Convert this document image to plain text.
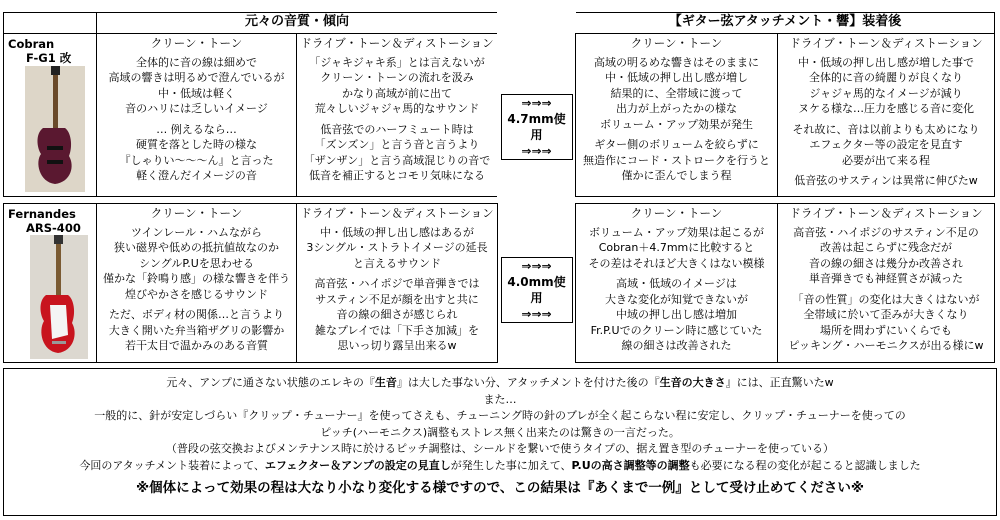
元々の音質・傾向	【ギター弦アタッチメント・響】装着後
Cobran
F-G1 改
クリーン・トーン
全体的に音の線は細めで
高域の響きは明るめで澄んでいるが
中・低域は軽く
音のハリには乏しいイメージ
… 例えるなら…
硬質を落とした時の様な
『しゃりい～～～ん』と言った
軽く澄んだイメージの音
ドライブ・トーン＆ディストーション
「ジャキジャキ系」とは言えないが
クリーン・トーンの流れを汲み
かなり高域が前に出て
荒々しいジャジャ馬的なサウンド
低音弦でのハーフミュート時は
「ズンズン」と言う音と言うより
「ザンザン」と言う高域混じりの音で
低音を補正するとコモリ気味になる
⇒⇒⇒
4.7mm使用
⇒⇒⇒
クリーン・トーン
高域の明るめな響きはそのままに
中・低域の押し出し感が増し
結果的に、全帯域に渡って
出力が上がったかの様な
ボリューム・アップ効果が発生
ギター側のボリュームを絞らずに
無造作にコード・ストロークを行うと
僅かに歪んでしまう程
ドライブ・トーン＆ディストーション
中・低域の押し出し感が増した事で
全体的に音の綺麗りが良くなり
ジャジャ馬的なイメージが減り
ヌケる様な…圧力を感じる音に変化
それ故に、音は以前よりも太めになり
エフェクター等の設定を見直す
必要が出て来る程
低音弦のサスティンは異常に伸びたw
Fernandes
ARS-400
クリーン・トーン
ツインレール・ハムながら
狭い磁界や低めの抵抗値故なのか
シングルP.Uを思わせる
僅かな「鈴鳴り感」の様な響きを伴う
煌びやかさを感じるサウンド
ただ、ボディ材の関係…と言うより
大きく開いた弁当箱ザグリの影響か
若干太目で温かみのある音質
ドライブ・トーン＆ディストーション
中・低域の押し出し感はあるが
3シングル・ストラトイメージの延長
と言えるサウンド
高音弦・ハイポジで単音弾きでは
サスティン不足が顔を出すと共に
音の線の細さが感じられ
雑なプレイでは「下手さ加減」を
思いっ切り露呈出来るw
⇒⇒⇒
4.0mm使用
⇒⇒⇒
クリーン・トーン
ボリューム・アップ効果は起こるが
Cobran＋4.7mmに比較すると
その差はそれほど大きくはない模様
高域・低域のイメージは
大きな変化が知覚できないが
中域の押し出し感は増加
Fr.P.Uでのクリーン時に感じていた
線の細さは改善された
ドライブ・トーン＆ディストーション
高音弦・ハイポジのサスティン不足の
改善は起こらずに残念だが
音の線の細さは幾分か改善され
単音弾きでも神経質さが減った
「音の性質」の変化は大きくはないが
全帯域に於いて歪みが大きくなり
場所を問わずにいくらでも
ピッキング・ハーモニクスが出る様にw
元々、アンプに通さない状態のエレキの『生音』は大した事ない分、アタッチメントを付けた後の『生音の大きさ』には、正直驚いたw
また…
一般的に、針が安定しづらい『クリップ・チューナー』を使ってさえも、チューニング時の針のブレが全く起こらない程に安定し、クリップ・チューナーを使っての
ピッチ(ハーモニクス)調整もストレス無く出来たのは驚きの一言だった。
（普段の弦交換およびメンテナンス時に於けるピッチ調整は、シールドを繋いで使うタイプの、据え置き型のチューナーを使っている）
今回のアタッチメント装着によって、エフェクター＆アンプの設定の見直しが発生した事に加えて、P.Uの高さ調整等の調整も必要になる程の変化が起こると認識しました
※個体によって効果の程は大なり小なり変化する様ですので、この結果は『あくまで一例』として受け止めてください※
